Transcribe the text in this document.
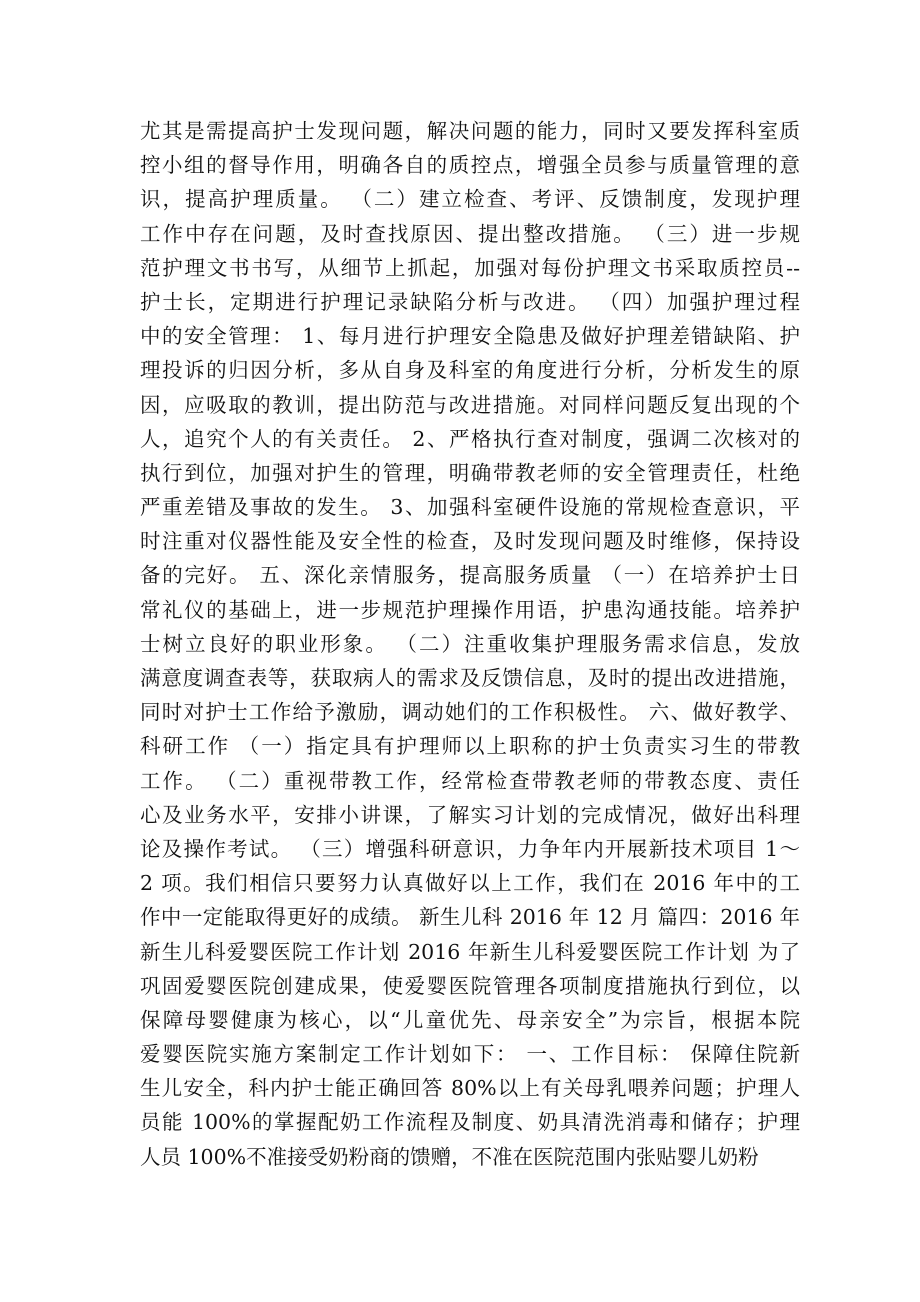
尤其是需提高护士发现问题，解决问题的能力，同时又要发挥科室质
控小组的督导作用，明确各自的质控点，增强全员参与质量管理的意
识，提高护理质量。 （二）建立检查、考评、反馈制度，发现护理
工作中存在问题，及时查找原因、提出整改措施。 （三）进一步规
范护理文书书写，从细节上抓起，加强对每份护理文书采取质控员--
护士长，定期进行护理记录缺陷分析与改进。 （四）加强护理过程
中的安全管理： 1、每月进行护理安全隐患及做好护理差错缺陷、护
理投诉的归因分析，多从自身及科室的角度进行分析，分析发生的原
因，应吸取的教训，提出防范与改进措施。对同样问题反复出现的个
人，追究个人的有关责任。 2、严格执行查对制度，强调二次核对的
执行到位，加强对护生的管理，明确带教老师的安全管理责任，杜绝
严重差错及事故的发生。 3、加强科室硬件设施的常规检查意识，平
时注重对仪器性能及安全性的检查，及时发现问题及时维修，保持设
备的完好。 五、深化亲情服务，提高服务质量 （一）在培养护士日
常礼仪的基础上，进一步规范护理操作用语，护患沟通技能。培养护
士树立良好的职业形象。 （二）注重收集护理服务需求信息，发放
满意度调查表等，获取病人的需求及反馈信息，及时的提出改进措施，
同时对护士工作给予激励，调动她们的工作积极性。 六、做好教学、
科研工作 （一）指定具有护理师以上职称的护士负责实习生的带教
工作。 （二）重视带教工作，经常检查带教老师的带教态度、责任
心及业务水平，安排小讲课，了解实习计划的完成情况，做好出科理
论及操作考试。 （三）增强科研意识，力争年内开展新技术项目 1～
2 项。我们相信只要努力认真做好以上工作，我们在 2016 年中的工
作中一定能取得更好的成绩。 新生儿科 2016 年 12 月 篇四：2016 年
新生儿科爱婴医院工作计划 2016 年新生儿科爱婴医院工作计划 为了
巩固爱婴医院创建成果，使爱婴医院管理各项制度措施执行到位，以
保障母婴健康为核心，以“儿童优先、母亲安全”为宗旨，根据本院
爱婴医院实施方案制定工作计划如下： 一、工作目标： 保障住院新
生儿安全，科内护士能正确回答 80%以上有关母乳喂养问题；护理人
员能 100%的掌握配奶工作流程及制度、奶具清洗消毒和储存；护理
人员 100%不准接受奶粉商的馈赠，不准在医院范围内张贴婴儿奶粉
